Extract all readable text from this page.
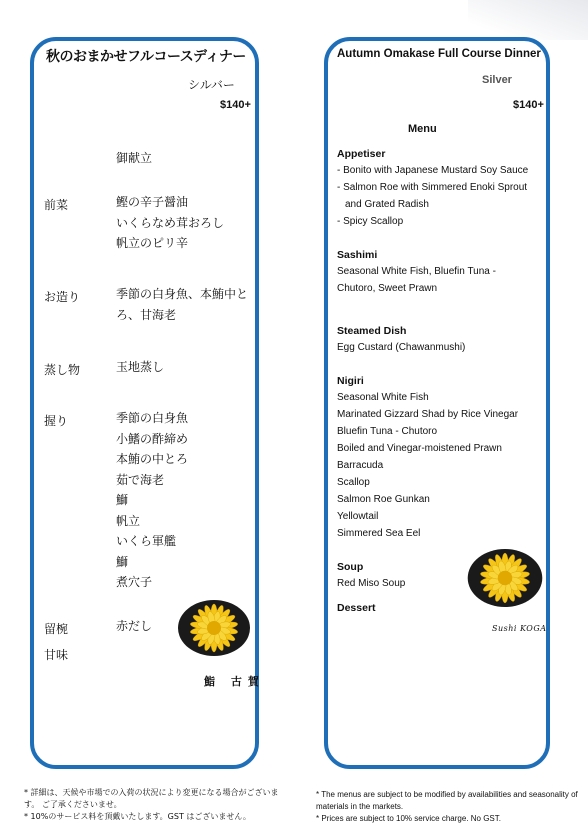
秋のおまかせフルコースディナー
シルバー
$140+
御献立
前菜	鰹の辛子醤油
いくらなめ茸おろし
帆立のピリ辛
お造り	季節の白身魚、本鮪中とろ、甘海老
蒸し物	玉地蒸し
握り	季節の白身魚
小鰭の酢締め
本鮪の中とろ
茹で海老
鰤
帆立
いくら軍艦
鰤
煮穴子
留椀	赤だし
甘味
鮨 古賀
Autumn Omakase Full Course Dinner
Silver
$140+
Menu
Appetiser
- Bonito with Japanese Mustard Soy Sauce
- Salmon Roe with Simmered Enoki Sprout
and Grated Radish
- Spicy Scallop
Sashimi
Seasonal White Fish, Bluefin Tuna -
Chutoro, Sweet Prawn
Steamed Dish
Egg Custard (Chawanmushi)
Nigiri
Seasonal White Fish
Marinated Gizzard Shad by Rice Vinegar
Bluefin Tuna - Chutoro
Boiled and Vinegar-moistened Prawn
Barracuda
Scallop
Salmon Roe Gunkan
Yellowtail
Simmered Sea Eel
Soup
Red Miso Soup
Dessert
Sushi KOGA
* 詳細は、天候や市場での入荷の状況により変更になる場合がございます。 ご了承くださいませ。
* 10%のサービス料を頂戴いたします。GST はございません。
* The menus are subject to be modified by availabilities and seasonality of materials in the markets.
* Prices are subject to 10% service charge. No GST.
